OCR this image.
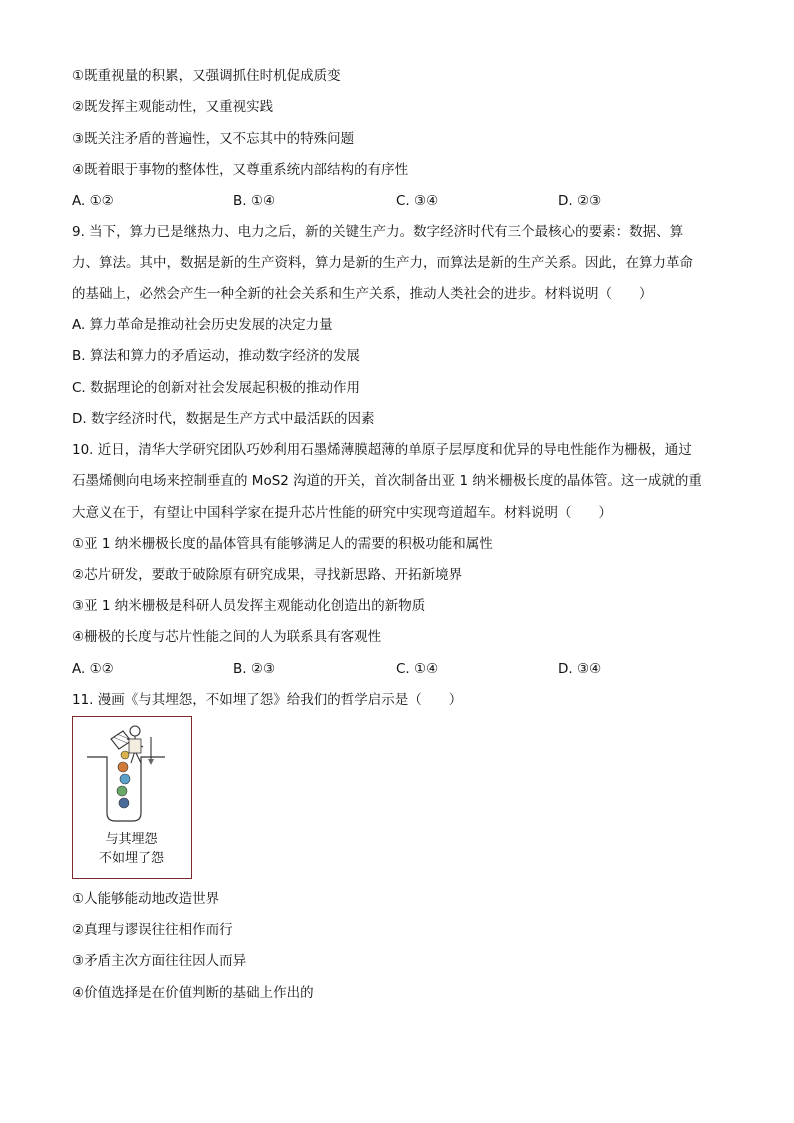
①既重视量的积累，又强调抓住时机促成质变
②既发挥主观能动性，又重视实践
③既关注矛盾的普遍性，又不忘其中的特殊问题
④既着眼于事物的整体性，又尊重系统内部结构的有序性
A. ①②	B. ①④	C. ③④	D. ②③
9. 当下，算力已是继热力、电力之后，新的关键生产力。数字经济时代有三个最核心的要素：数据、算
力、算法。其中，数据是新的生产资料，算力是新的生产力，而算法是新的生产关系。因此，在算力革命
的基础上，必然会产生一种全新的社会关系和生产关系，推动人类社会的进步。材料说明（　　）
A. 算力革命是推动社会历史发展的决定力量
B. 算法和算力的矛盾运动，推动数字经济的发展
C. 数据理论的创新对社会发展起积极的推动作用
D. 数字经济时代，数据是生产方式中最活跃的因素
10. 近日，清华大学研究团队巧妙利用石墨烯薄膜超薄的单原子层厚度和优异的导电性能作为栅极，通过
石墨烯侧向电场来控制垂直的 MoS2 沟道的开关，首次制备出亚 1 纳米栅极长度的晶体管。这一成就的重
大意义在于，有望让中国科学家在提升芯片性能的研究中实现弯道超车。材料说明（　　）
①亚 1 纳米栅极长度的晶体管具有能够满足人的需要的积极功能和属性
②芯片研发，要敢于破除原有研究成果，寻找新思路、开拓新境界
③亚 1 纳米栅极是科研人员发挥主观能动化创造出的新物质
④栅极的长度与芯片性能之间的人为联系具有客观性
A. ①②	B. ②③	C. ①④	D. ③④
11. 漫画《与其埋怨，不如埋了怨》给我们的哲学启示是（　　）
与其埋怨
不如埋了怨
①人能够能动地改造世界
②真理与谬误往往相作而行
③矛盾主次方面往往因人而异
④价值选择是在价值判断的基础上作出的
